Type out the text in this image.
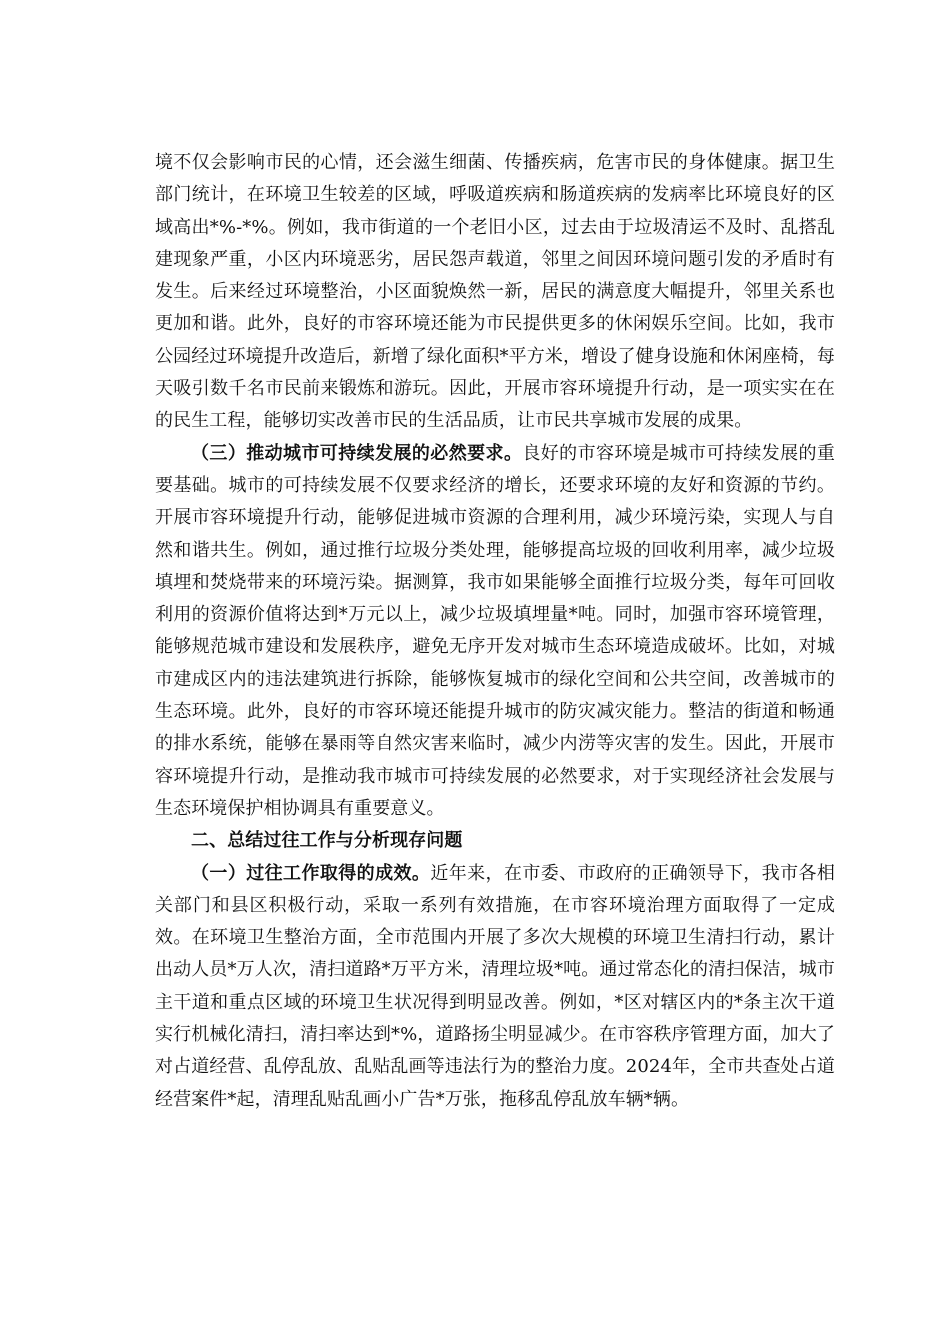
境不仅会影响市民的心情，还会滋生细菌、传播疾病，危害市民的身体健康。据卫生部门统计，在环境卫生较差的区域，呼吸道疾病和肠道疾病的发病率比环境良好的区域高出*%-*%。例如，我市街道的一个老旧小区，过去由于垃圾清运不及时、乱搭乱建现象严重，小区内环境恶劣，居民怨声载道，邻里之间因环境问题引发的矛盾时有发生。后来经过环境整治，小区面貌焕然一新，居民的满意度大幅提升，邻里关系也更加和谐。此外，良好的市容环境还能为市民提供更多的休闲娱乐空间。比如，我市公园经过环境提升改造后，新增了绿化面积*平方米，增设了健身设施和休闲座椅，每天吸引数千名市民前来锻炼和游玩。因此，开展市容环境提升行动，是一项实实在在的民生工程，能够切实改善市民的生活品质，让市民共享城市发展的成果。

（三）推动城市可持续发展的必然要求。良好的市容环境是城市可持续发展的重要基础。城市的可持续发展不仅要求经济的增长，还要求环境的友好和资源的节约。开展市容环境提升行动，能够促进城市资源的合理利用，减少环境污染，实现人与自然和谐共生。例如，通过推行垃圾分类处理，能够提高垃圾的回收利用率，减少垃圾填埋和焚烧带来的环境污染。据测算，我市如果能够全面推行垃圾分类，每年可回收利用的资源价值将达到*万元以上，减少垃圾填埋量*吨。同时，加强市容环境管理，能够规范城市建设和发展秩序，避免无序开发对城市生态环境造成破坏。比如，对城市建成区内的违法建筑进行拆除，能够恢复城市的绿化空间和公共空间，改善城市的生态环境。此外，良好的市容环境还能提升城市的防灾减灾能力。整洁的街道和畅通的排水系统，能够在暴雨等自然灾害来临时，减少内涝等灾害的发生。因此，开展市容环境提升行动，是推动我市城市可持续发展的必然要求，对于实现经济社会发展与生态环境保护相协调具有重要意义。

二、总结过往工作与分析现存问题

（一）过往工作取得的成效。近年来，在市委、市政府的正确领导下，我市各相关部门和县区积极行动，采取一系列有效措施，在市容环境治理方面取得了一定成效。在环境卫生整治方面，全市范围内开展了多次大规模的环境卫生清扫行动，累计出动人员*万人次，清扫道路*万平方米，清理垃圾*吨。通过常态化的清扫保洁，城市主干道和重点区域的环境卫生状况得到明显改善。例如，*区对辖区内的*条主次干道实行机械化清扫，清扫率达到*%，道路扬尘明显减少。在市容秩序管理方面，加大了对占道经营、乱停乱放、乱贴乱画等违法行为的整治力度。2024年，全市共查处占道经营案件*起，清理乱贴乱画小广告*万张，拖移乱停乱放车辆*辆。
